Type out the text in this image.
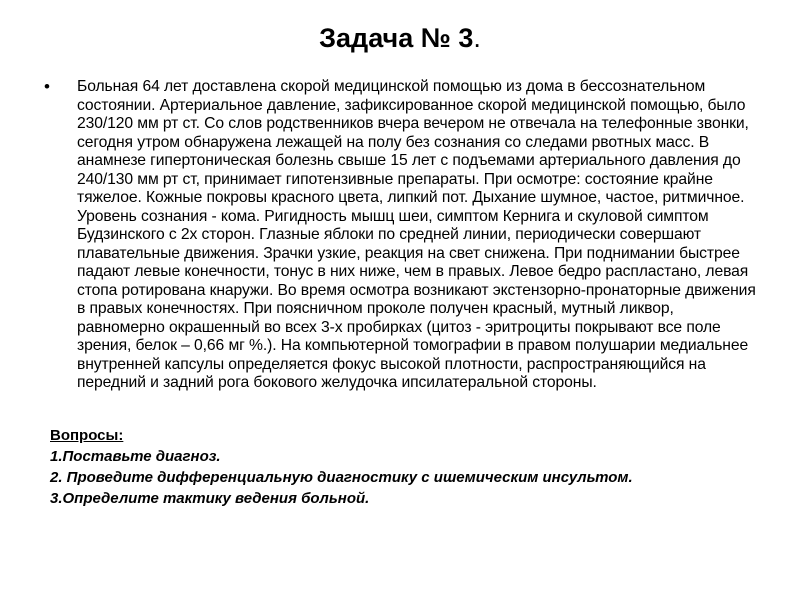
Задача № 3.
• Больная 64 лет доставлена скорой медицинской помощью из дома в бессознательном состоянии. Артериальное давление, зафиксированное скорой медицинской помощью, было 230/120 мм рт ст. Со слов родственников вчера вечером не отвечала на телефонные звонки, сегодня утром обнаружена лежащей на полу без сознания со следами рвотных масс. В анамнезе гипертоническая болезнь свыше 15 лет с подъемами артериального давления до 240/130 мм рт ст, принимает гипотензивные препараты. При осмотре: состояние крайне тяжелое. Кожные покровы красного цвета, липкий пот. Дыхание шумное, частое, ритмичное. Уровень сознания - кома. Ригидность мышц шеи, симптом Кернига и скуловой симптом Будзинского с 2х сторон. Глазные яблоки по средней линии, периодически совершают плавательные движения. Зрачки узкие, реакция на свет снижена. При поднимании быстрее падают левые конечности, тонус в них ниже, чем в правых. Левое бедро распластано, левая стопа ротирована кнаружи. Во время осмотра возникают экстензорно-пронаторные движения в правых конечностях. При поясничном проколе получен красный, мутный ликвор, равномерно окрашенный во всех 3-х пробирках (цитоз - эритроциты покрывают все поле зрения, белок – 0,66 мг %.). На компьютерной томографии в правом полушарии медиальнее внутренней капсулы определяется фокус высокой плотности, распространяющийся на передний и задний рога бокового желудочка ипсилатеральной стороны.
Вопросы:
1.Поставьте диагноз.
2. Проведите дифференциальную диагностику с ишемическим инсультом.
3.Определите тактику ведения больной.
